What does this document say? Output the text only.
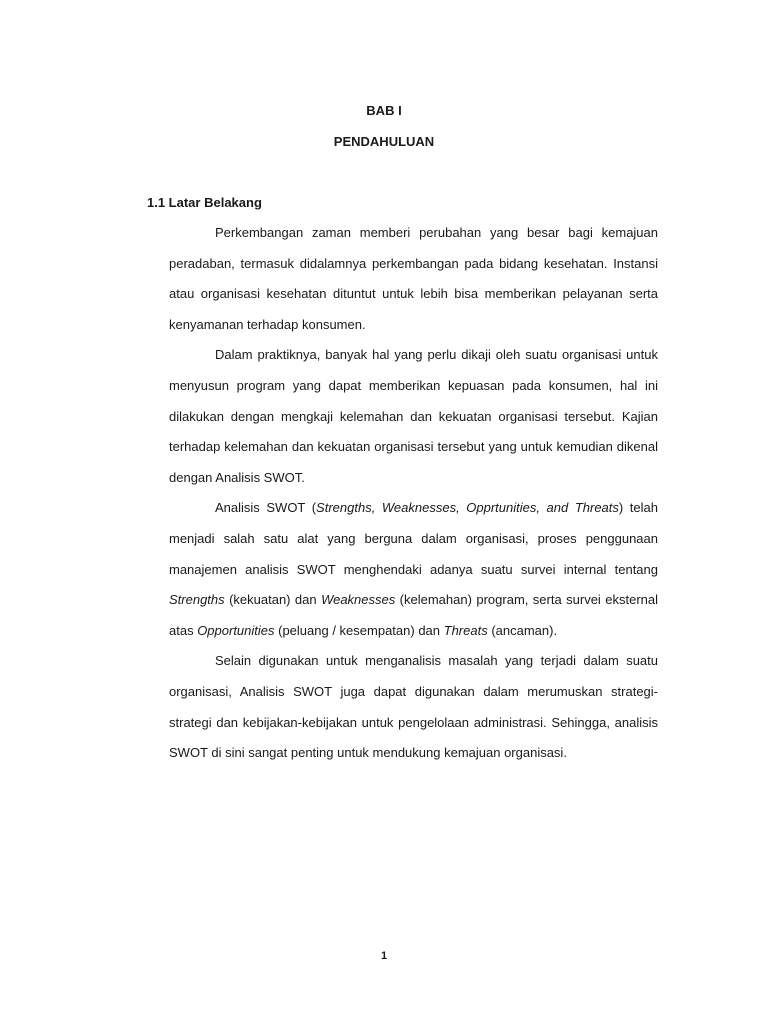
BAB I
PENDAHULUAN
1.1 Latar Belakang

Perkembangan zaman memberi perubahan yang besar bagi kemajuan peradaban, termasuk didalamnya perkembangan pada bidang kesehatan. Instansi atau organisasi kesehatan dituntut untuk lebih bisa memberikan pelayanan serta kenyamanan terhadap konsumen.

Dalam praktiknya, banyak hal yang perlu dikaji oleh suatu organisasi untuk menyusun program yang dapat memberikan kepuasan pada konsumen, hal ini dilakukan dengan mengkaji kelemahan dan kekuatan organisasi tersebut. Kajian terhadap kelemahan dan kekuatan organisasi tersebut yang untuk kemudian dikenal dengan Analisis SWOT.

Analisis SWOT (Strengths, Weaknesses, Opprtunities, and Threats) telah menjadi salah satu alat yang berguna dalam organisasi, proses penggunaan manajemen analisis SWOT menghendaki adanya suatu survei internal tentang Strengths (kekuatan) dan Weaknesses (kelemahan) program, serta survei eksternal atas Opportunities (peluang / kesempatan) dan Threats (ancaman).

Selain digunakan untuk menganalisis masalah yang terjadi dalam suatu organisasi, Analisis SWOT juga dapat digunakan dalam merumuskan strategi-strategi dan kebijakan-kebijakan untuk pengelolaan administrasi. Sehingga, analisis SWOT di sini sangat penting untuk mendukung kemajuan organisasi.

1
